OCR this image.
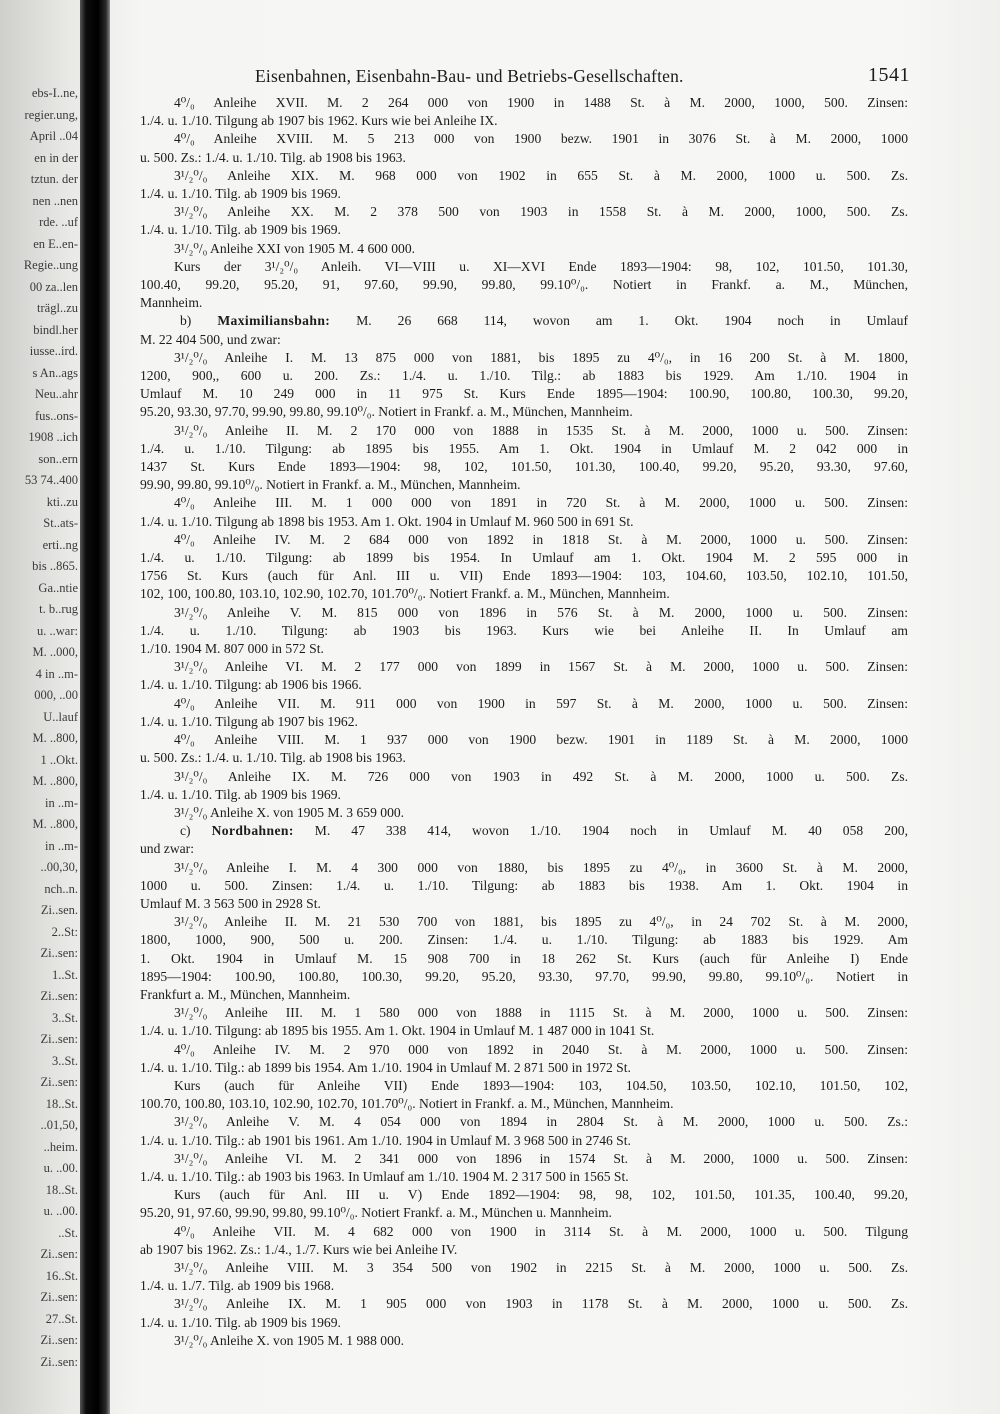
ebs-I..ne,
regier.ung,
April ..04
en in der
tztun. der
nen ..nen
rde. ..uf
en E..en-
Regie..ung
00 za..len
trägl..zu
bindl.her
iusse..ird.
s An..ags
Neu..ahr
fus..ons-
1908 ..ich
son..ern
53 74..400
kti..zu
St..ats-
erti..ng
bis ..865.
Ga..ntie
t. b..rug
u. ..war:
M. ..000,
4 in ..m-
000, ..00
U..lauf
M. ..800,
1 ..Okt.
M. ..800,
in ..m-
M. ..800,
in ..m-
..00,30,
nch..n.
Zi..sen.
2..St:
Zi..sen:
1..St.
Zi..sen:
3..St.
Zi..sen:
3..St.
Zi..sen:
18..St.
..01,50,
..heim.
u. ..00.
18..St.
u. ..00.
..St.
Zi..sen:
16..St.
Zi..sen:
27..St.
Zi..sen:
Zi..sen:
Eisenbahnen, Eisenbahn-Bau- und Betriebs-Gesellschaften.	1541
4⁰/₀ Anleihe XVII. M. 2 264 000 von 1900 in 1488 St. à M. 2000, 1000, 500. Zinsen:
1./4. u. 1./10. Tilgung ab 1907 bis 1962. Kurs wie bei Anleihe IX.
4⁰/₀ Anleihe XVIII. M. 5 213 000 von 1900 bezw. 1901 in 3076 St. à M. 2000, 1000
u. 500. Zs.: 1./4. u. 1./10. Tilg. ab 1908 bis 1963.
3¹/₂⁰/₀ Anleihe XIX. M. 968 000 von 1902 in 655 St. à M. 2000, 1000 u. 500. Zs.
1./4. u. 1./10. Tilg. ab 1909 bis 1969.
3¹/₂⁰/₀ Anleihe XX. M. 2 378 500 von 1903 in 1558 St. à M. 2000, 1000, 500. Zs.
1./4. u. 1./10. Tilg. ab 1909 bis 1969.
3¹/₂⁰/₀ Anleihe XXI von 1905 M. 4 600 000.
Kurs der 3¹/₂⁰/₀ Anleih. VI—VIII u. XI—XVI Ende 1893—1904: 98, 102, 101.50, 101.30,
100.40, 99.20, 95.20, 91, 97.60, 99.90, 99.80, 99.10⁰/₀. Notiert in Frankf. a. M., München,
Mannheim.
b) Maximiliansbahn: M. 26 668 114, wovon am 1. Okt. 1904 noch in Umlauf
M. 22 404 500, und zwar:
3¹/₂⁰/₀ Anleihe I. M. 13 875 000 von 1881, bis 1895 zu 4⁰/₀, in 16 200 St. à M. 1800,
1200, 900,, 600 u. 200. Zs.: 1./4. u. 1./10. Tilg.: ab 1883 bis 1929. Am 1./10. 1904 in
Umlauf M. 10 249 000 in 11 975 St. Kurs Ende 1895—1904: 100.90, 100.80, 100.30, 99.20,
95.20, 93.30, 97.70, 99.90, 99.80, 99.10⁰/₀. Notiert in Frankf. a. M., München, Mannheim.
3¹/₂⁰/₀ Anleihe II. M. 2 170 000 von 1888 in 1535 St. à M. 2000, 1000 u. 500. Zinsen:
1./4. u. 1./10. Tilgung: ab 1895 bis 1955. Am 1. Okt. 1904 in Umlauf M. 2 042 000 in
1437 St. Kurs Ende 1893—1904: 98, 102, 101.50, 101.30, 100.40, 99.20, 95.20, 93.30, 97.60,
99.90, 99.80, 99.10⁰/₀. Notiert in Frankf. a. M., München, Mannheim.
4⁰/₀ Anleihe III. M. 1 000 000 von 1891 in 720 St. à M. 2000, 1000 u. 500. Zinsen:
1./4. u. 1./10. Tilgung ab 1898 bis 1953. Am 1. Okt. 1904 in Umlauf M. 960 500 in 691 St.
4⁰/₀ Anleihe IV. M. 2 684 000 von 1892 in 1818 St. à M. 2000, 1000 u. 500. Zinsen:
1./4. u. 1./10. Tilgung: ab 1899 bis 1954. In Umlauf am 1. Okt. 1904 M. 2 595 000 in
1756 St. Kurs (auch für Anl. III u. VII) Ende 1893—1904: 103, 104.60, 103.50, 102.10, 101.50,
102, 100, 100.80, 103.10, 102.90, 102.70, 101.70⁰/₀. Notiert Frankf. a. M., München, Mannheim.
3¹/₂⁰/₀ Anleihe V. M. 815 000 von 1896 in 576 St. à M. 2000, 1000 u. 500. Zinsen:
1./4. u. 1./10. Tilgung: ab 1903 bis 1963. Kurs wie bei Anleihe II. In Umlauf am
1./10. 1904 M. 807 000 in 572 St.
3¹/₂⁰/₀ Anleihe VI. M. 2 177 000 von 1899 in 1567 St. à M. 2000, 1000 u. 500. Zinsen:
1./4. u. 1./10. Tilgung: ab 1906 bis 1966.
4⁰/₀ Anleihe VII. M. 911 000 von 1900 in 597 St. à M. 2000, 1000 u. 500. Zinsen:
1./4. u. 1./10. Tilgung ab 1907 bis 1962.
4⁰/₀ Anleihe VIII. M. 1 937 000 von 1900 bezw. 1901 in 1189 St. à M. 2000, 1000
u. 500. Zs.: 1./4. u. 1./10. Tilg. ab 1908 bis 1963.
3¹/₂⁰/₀ Anleihe IX. M. 726 000 von 1903 in 492 St. à M. 2000, 1000 u. 500. Zs.
1./4. u. 1./10. Tilg. ab 1909 bis 1969.
3¹/₂⁰/₀ Anleihe X. von 1905 M. 3 659 000.
c) Nordbahnen: M. 47 338 414, wovon 1./10. 1904 noch in Umlauf M. 40 058 200,
und zwar:
3¹/₂⁰/₀ Anleihe I. M. 4 300 000 von 1880, bis 1895 zu 4⁰/₀, in 3600 St. à M. 2000,
1000 u. 500. Zinsen: 1./4. u. 1./10. Tilgung: ab 1883 bis 1938. Am 1. Okt. 1904 in
Umlauf M. 3 563 500 in 2928 St.
3¹/₂⁰/₀ Anleihe II. M. 21 530 700 von 1881, bis 1895 zu 4⁰/₀, in 24 702 St. à M. 2000,
1800, 1000, 900, 500 u. 200. Zinsen: 1./4. u. 1./10. Tilgung: ab 1883 bis 1929. Am
1. Okt. 1904 in Umlauf M. 15 908 700 in 18 262 St. Kurs (auch für Anleihe I) Ende
1895—1904: 100.90, 100.80, 100.30, 99.20, 95.20, 93.30, 97.70, 99.90, 99.80, 99.10⁰/₀. Notiert in
Frankfurt a. M., München, Mannheim.
3¹/₂⁰/₀ Anleihe III. M. 1 580 000 von 1888 in 1115 St. à M. 2000, 1000 u. 500. Zinsen:
1./4. u. 1./10. Tilgung: ab 1895 bis 1955. Am 1. Okt. 1904 in Umlauf M. 1 487 000 in 1041 St.
4⁰/₀ Anleihe IV. M. 2 970 000 von 1892 in 2040 St. à M. 2000, 1000 u. 500. Zinsen:
1./4. u. 1./10. Tilg.: ab 1899 bis 1954. Am 1./10. 1904 in Umlauf M. 2 871 500 in 1972 St.
Kurs (auch für Anleihe VII) Ende 1893—1904: 103, 104.50, 103.50, 102.10, 101.50, 102,
100.70, 100.80, 103.10, 102.90, 102.70, 101.70⁰/₀. Notiert in Frankf. a. M., München, Mannheim.
3¹/₂⁰/₀ Anleihe V. M. 4 054 000 von 1894 in 2804 St. à M. 2000, 1000 u. 500. Zs.:
1./4. u. 1./10. Tilg.: ab 1901 bis 1961. Am 1./10. 1904 in Umlauf M. 3 968 500 in 2746 St.
3¹/₂⁰/₀ Anleihe VI. M. 2 341 000 von 1896 in 1574 St. à M. 2000, 1000 u. 500. Zinsen:
1./4. u. 1./10. Tilg.: ab 1903 bis 1963. In Umlauf am 1./10. 1904 M. 2 317 500 in 1565 St.
Kurs (auch für Anl. III u. V) Ende 1892—1904: 98, 98, 102, 101.50, 101.35, 100.40, 99.20,
95.20, 91, 97.60, 99.90, 99.80, 99.10⁰/₀. Notiert Frankf. a. M., München u. Mannheim.
4⁰/₀ Anleihe VII. M. 4 682 000 von 1900 in 3114 St. à M. 2000, 1000 u. 500. Tilgung
ab 1907 bis 1962. Zs.: 1./4., 1./7. Kurs wie bei Anleihe IV.
3¹/₂⁰/₀ Anleihe VIII. M. 3 354 500 von 1902 in 2215 St. à M. 2000, 1000 u. 500. Zs.
1./4. u. 1./7. Tilg. ab 1909 bis 1968.
3¹/₂⁰/₀ Anleihe IX. M. 1 905 000 von 1903 in 1178 St. à M. 2000, 1000 u. 500. Zs.
1./4. u. 1./10. Tilg. ab 1909 bis 1969.
3¹/₂⁰/₀ Anleihe X. von 1905 M. 1 988 000.
